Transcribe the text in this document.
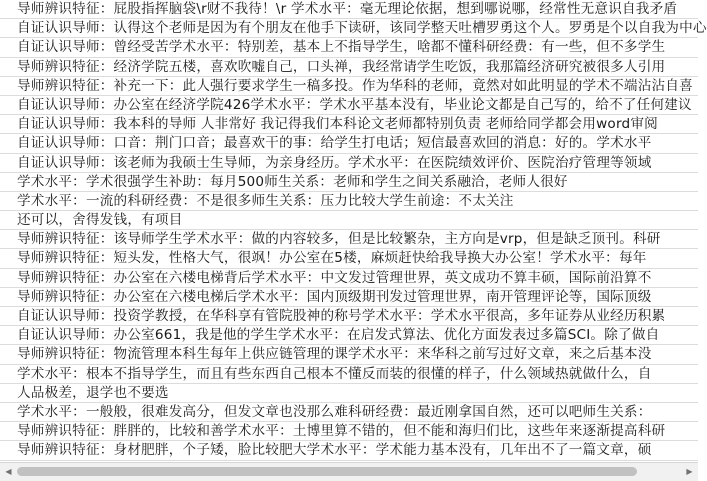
导师辨识特征：屁股指挥脑袋\r财不我待！\r 学术水平：毫无理论依据，想到哪说哪，经常性无意识自我矛盾
自证认识导师：认得这个老师是因为有个朋友在他手下读研，该同学整天吐槽罗勇这个人。罗勇是个以自我为中心
自证认识导师：曾经受苦学术水平：特别差，基本上不指导学生，啥都不懂科研经费：有一些，但不多学生
导师辨识特征：经济学院五楼，喜欢吹嘘自己，口头禅，我经常请学生吃饭，我那篇经济研究被很多人引用
导师辨识特征：补充一下：此人强行要求学生一稿多投。作为华科的老师，竟然对如此明显的学术不端沾沾自喜
自证认识导师：办公室在经济学院426学术水平：学术水平基本没有，毕业论文都是自己写的，给不了任何建议
自证认识导师：我本科的导师 人非常好 我记得我们本科论文老师都特别负责 老师给同学都会用word审阅
自证认识导师：口音：荆门口音；最喜欢干的事：给学生打电话；短信最喜欢回的消息：好的。学术水平
自证认识导师：该老师为我硕士生导师，为亲身经历。学术水平：在医院绩效评价、医院治疗管理等领域
学术水平：学术很强学生补助：每月500师生关系：老师和学生之间关系融洽，老师人很好
学术水平：一流的科研经费：不是很多师生关系：压力比较大学生前途：不太关注
还可以，舍得发钱，有项目
导师辨识特征：该导师学生学术水平：做的内容较多，但是比较繁杂，主方向是vrp，但是缺乏顶刊。科研
导师辨识特征：短头发，性格大气，很飒！办公室在5楼，麻烦赶快给我导换大办公室！学术水平：每年
导师辨识特征：办公室在六楼电梯背后学术水平：中文发过管理世界，英文成功不算丰硕，国际前沿算不
导师辨识特征：办公室在六楼电梯后学术水平：国内顶级期刊发过管理世界，南开管理评论等，国际顶级
自证认识导师：投资学教授，在华科享有管院股神的称号学术水平：学术水平很高，多年证券从业经历积累
自证认识导师：办公室661，我是他的学生学术水平：在启发式算法、优化方面发表过多篇SCI。除了做自
导师辨识特征：物流管理本科生每年上供应链管理的课学术水平：来华科之前写过好文章，来之后基本没
学术水平：根本不指导学生，而且有些东西自己根本不懂反而装的很懂的样子，什么领域热就做什么，自
人品极差，退学也不要选
学术水平：一般般，很难发高分，但发文章也没那么难科研经费：最近刚拿国自然，还可以吧师生关系：
导师辨识特征：胖胖的，比较和善学术水平：土博里算不错的，但不能和海归们比，这些年来逐渐提高科研
导师辨识特征：身材肥胖，个子矮，脸比较肥大学术水平：学术能力基本没有，几年出不了一篇文章，硕
◀	▶
